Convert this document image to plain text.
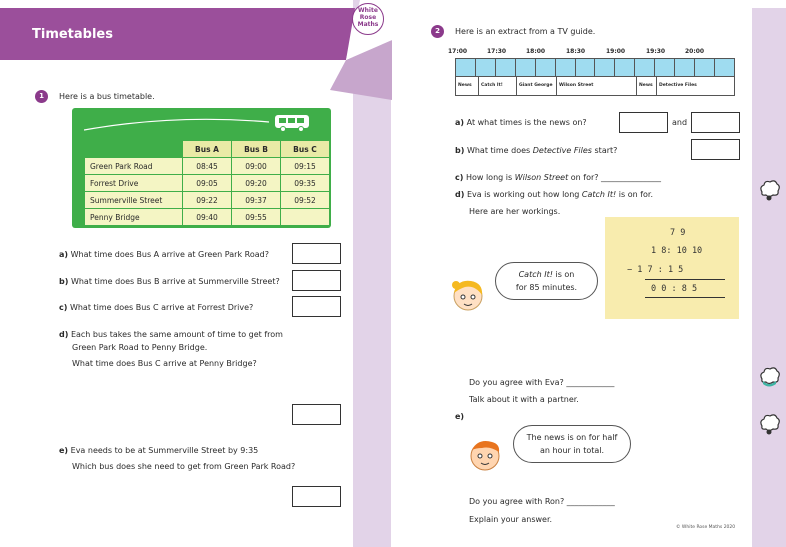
Timetables
White
Rose
Maths
1	Here is a bus timetable.
	Bus A	Bus B	Bus C
Green Park Road	08:45	09:00	09:15
Forrest Drive	09:05	09:20	09:35
Summerville Street	09:22	09:37	09:52
Penny Bridge	09:40	09:55	
a) What time does Bus A arrive at Green Park Road?
b) What time does Bus B arrive at Summerville Street?
c) What time does Bus C arrive at Forrest Drive?
d) Each bus takes the same amount of time to get from
Green Park Road to Penny Bridge.
What time does Bus C arrive at Penny Bridge?
e) Eva needs to be at Summerville Street by 9:35
Which bus does she need to get from Green Park Road?
2	Here is an extract from a TV guide.
17:00	17:30	18:00	18:30	19:00	19:30	20:00
News	Catch It!	Giant George	Wilson Street	News	Detective Files
a) At what times is the news on?	and
b) What time does Detective Files start?
c) How long is Wilson Street on for? _______________
d) Eva is working out how long Catch It! is on for.
Here are her workings.
7 9
1 8: 10 10
− 1 7 : 1 5
0 0 : 8 5
Catch It! is on
for 85 minutes.
Do you agree with Eva? ____________
Talk about it with a partner.
e)
The news is on for half
an hour in total.
Do you agree with Ron? ____________
Explain your answer.
© White Rose Maths 2020
